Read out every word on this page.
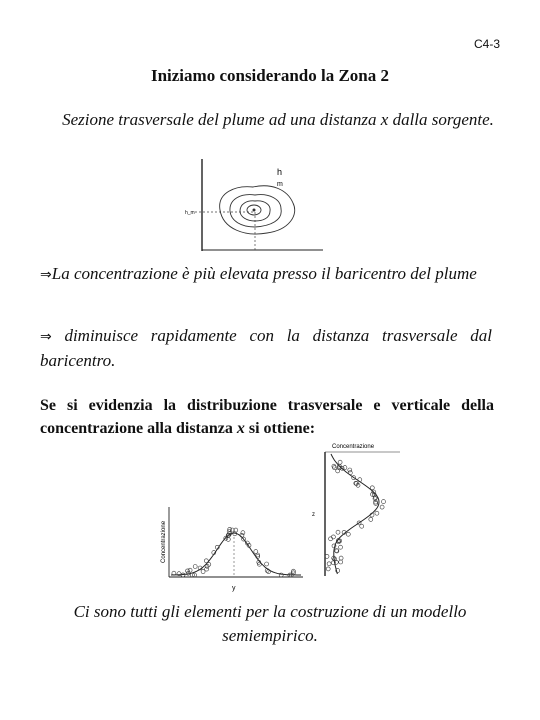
C4-3
Iniziamo considerando la Zona 2
Sezione trasversale del plume ad una distanza x dalla sorgente.
h
m
h_m
⇒La concentrazione è più elevata presso il baricentro del plume
⇒ diminuisce rapidamente con la distanza trasversale dal baricentro.
Se si evidenzia la distribuzione trasversale e verticale della concentrazione alla distanza x si ottiene:
Concentrazione
y
Concentrazione
z
Ci sono tutti gli elementi per la costruzione di un modello semiempirico.
